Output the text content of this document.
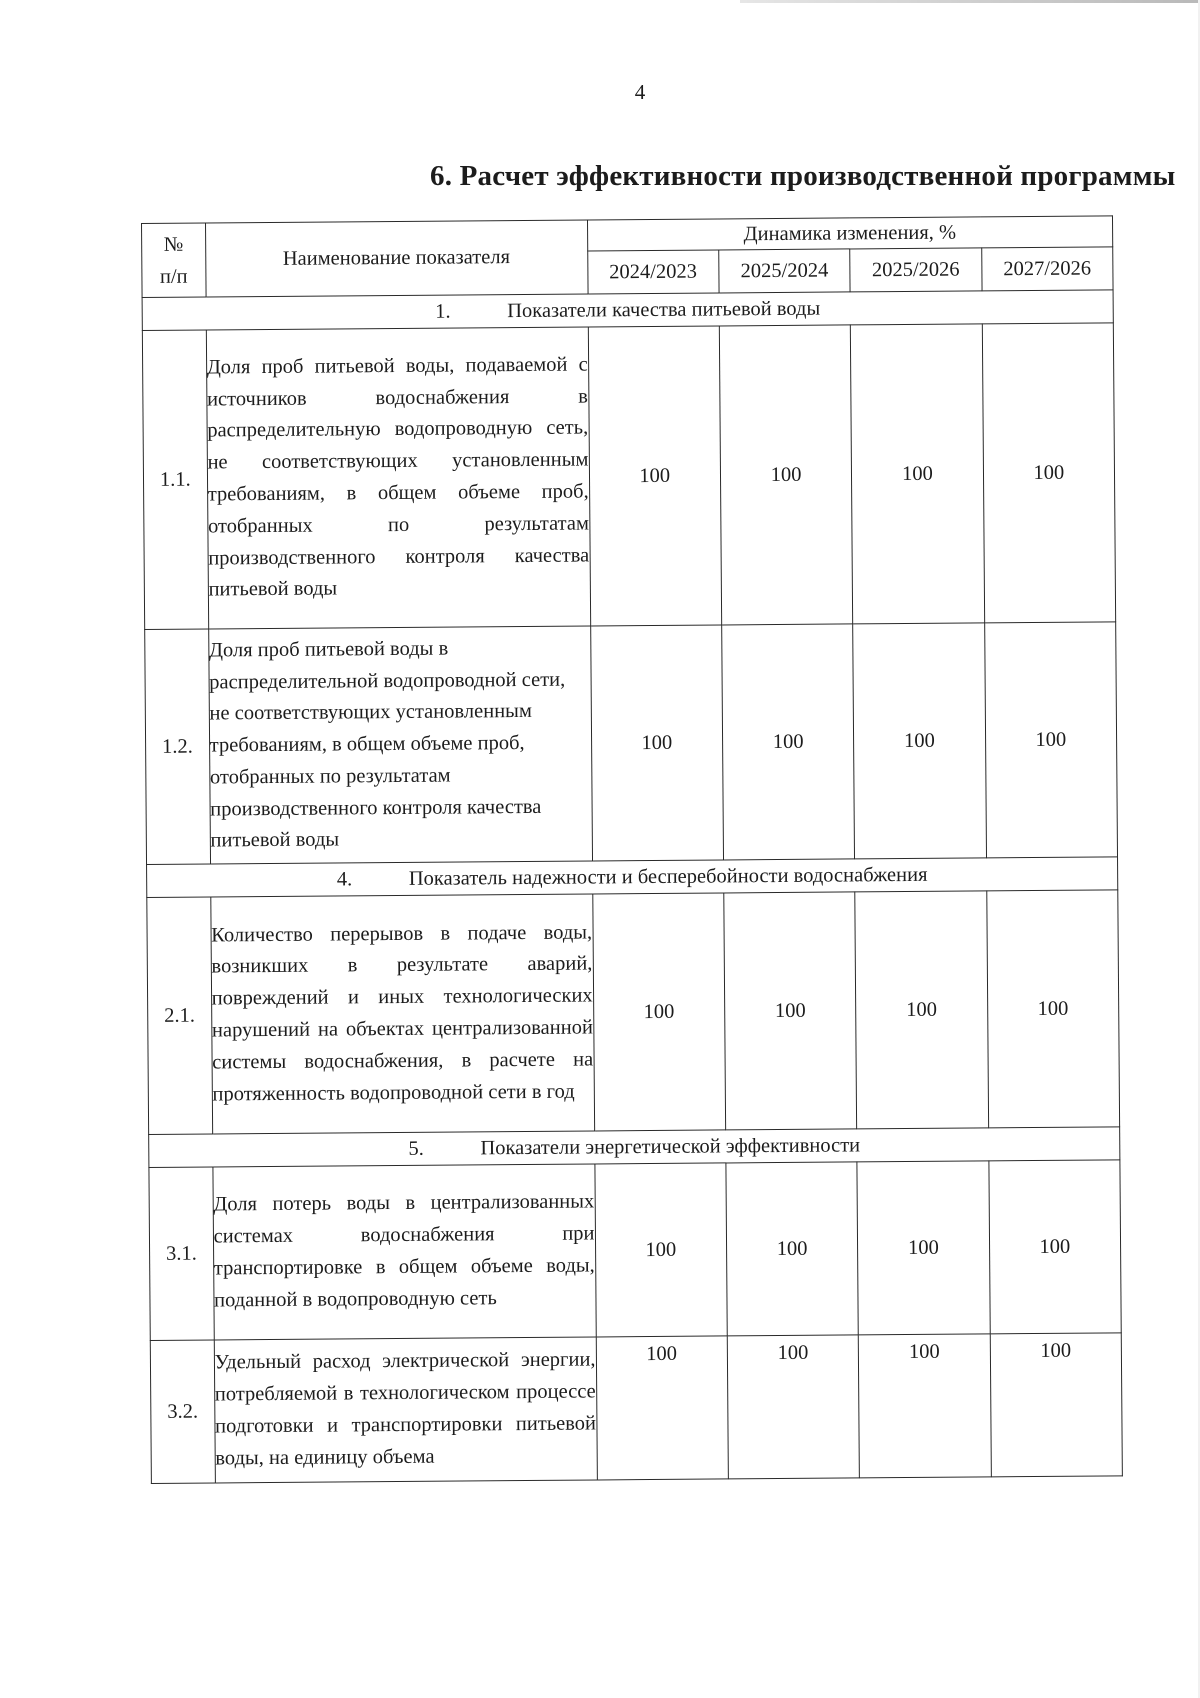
4
6. Расчет эффективности производственной программы
№
п/п	Наименование показателя	Динамика изменения, %			
		2024/2023	2025/2024	2025/2026	2027/2026
1. Показатели качества питьевой воды					
1.1.	Доля проб питьевой воды, подаваемой с источников водоснабжения в распределительную водопроводную сеть, не соответствующих установленным требованиям, в общем объеме проб, отобранных по результатам производственного контроля качества питьевой воды	100	100	100	100
1.2.	Доля проб питьевой воды в распределительной водопроводной сети, не соответствующих установленным требованиям, в общем объеме проб, отобранных по результатам производственного контроля качества питьевой воды	100	100	100	100
4. Показатель надежности и бесперебойности водоснабжения					
2.1.	Количество перерывов в подаче воды, возникших в результате аварий, повреждений и иных технологических нарушений на объектах централизованной системы водоснабжения, в расчете на протяженность водопроводной сети в год	100	100	100	100
5. Показатели энергетической эффективности					
3.1.	Доля потерь воды в централизованных системах водоснабжения при транспортировке в общем объеме воды, поданной в водопроводную сеть	100	100	100	100
3.2.	Удельный расход электрической энергии, потребляемой в технологическом процессе подготовки и транспортировки питьевой воды, на единицу объема	100	100	100	100
